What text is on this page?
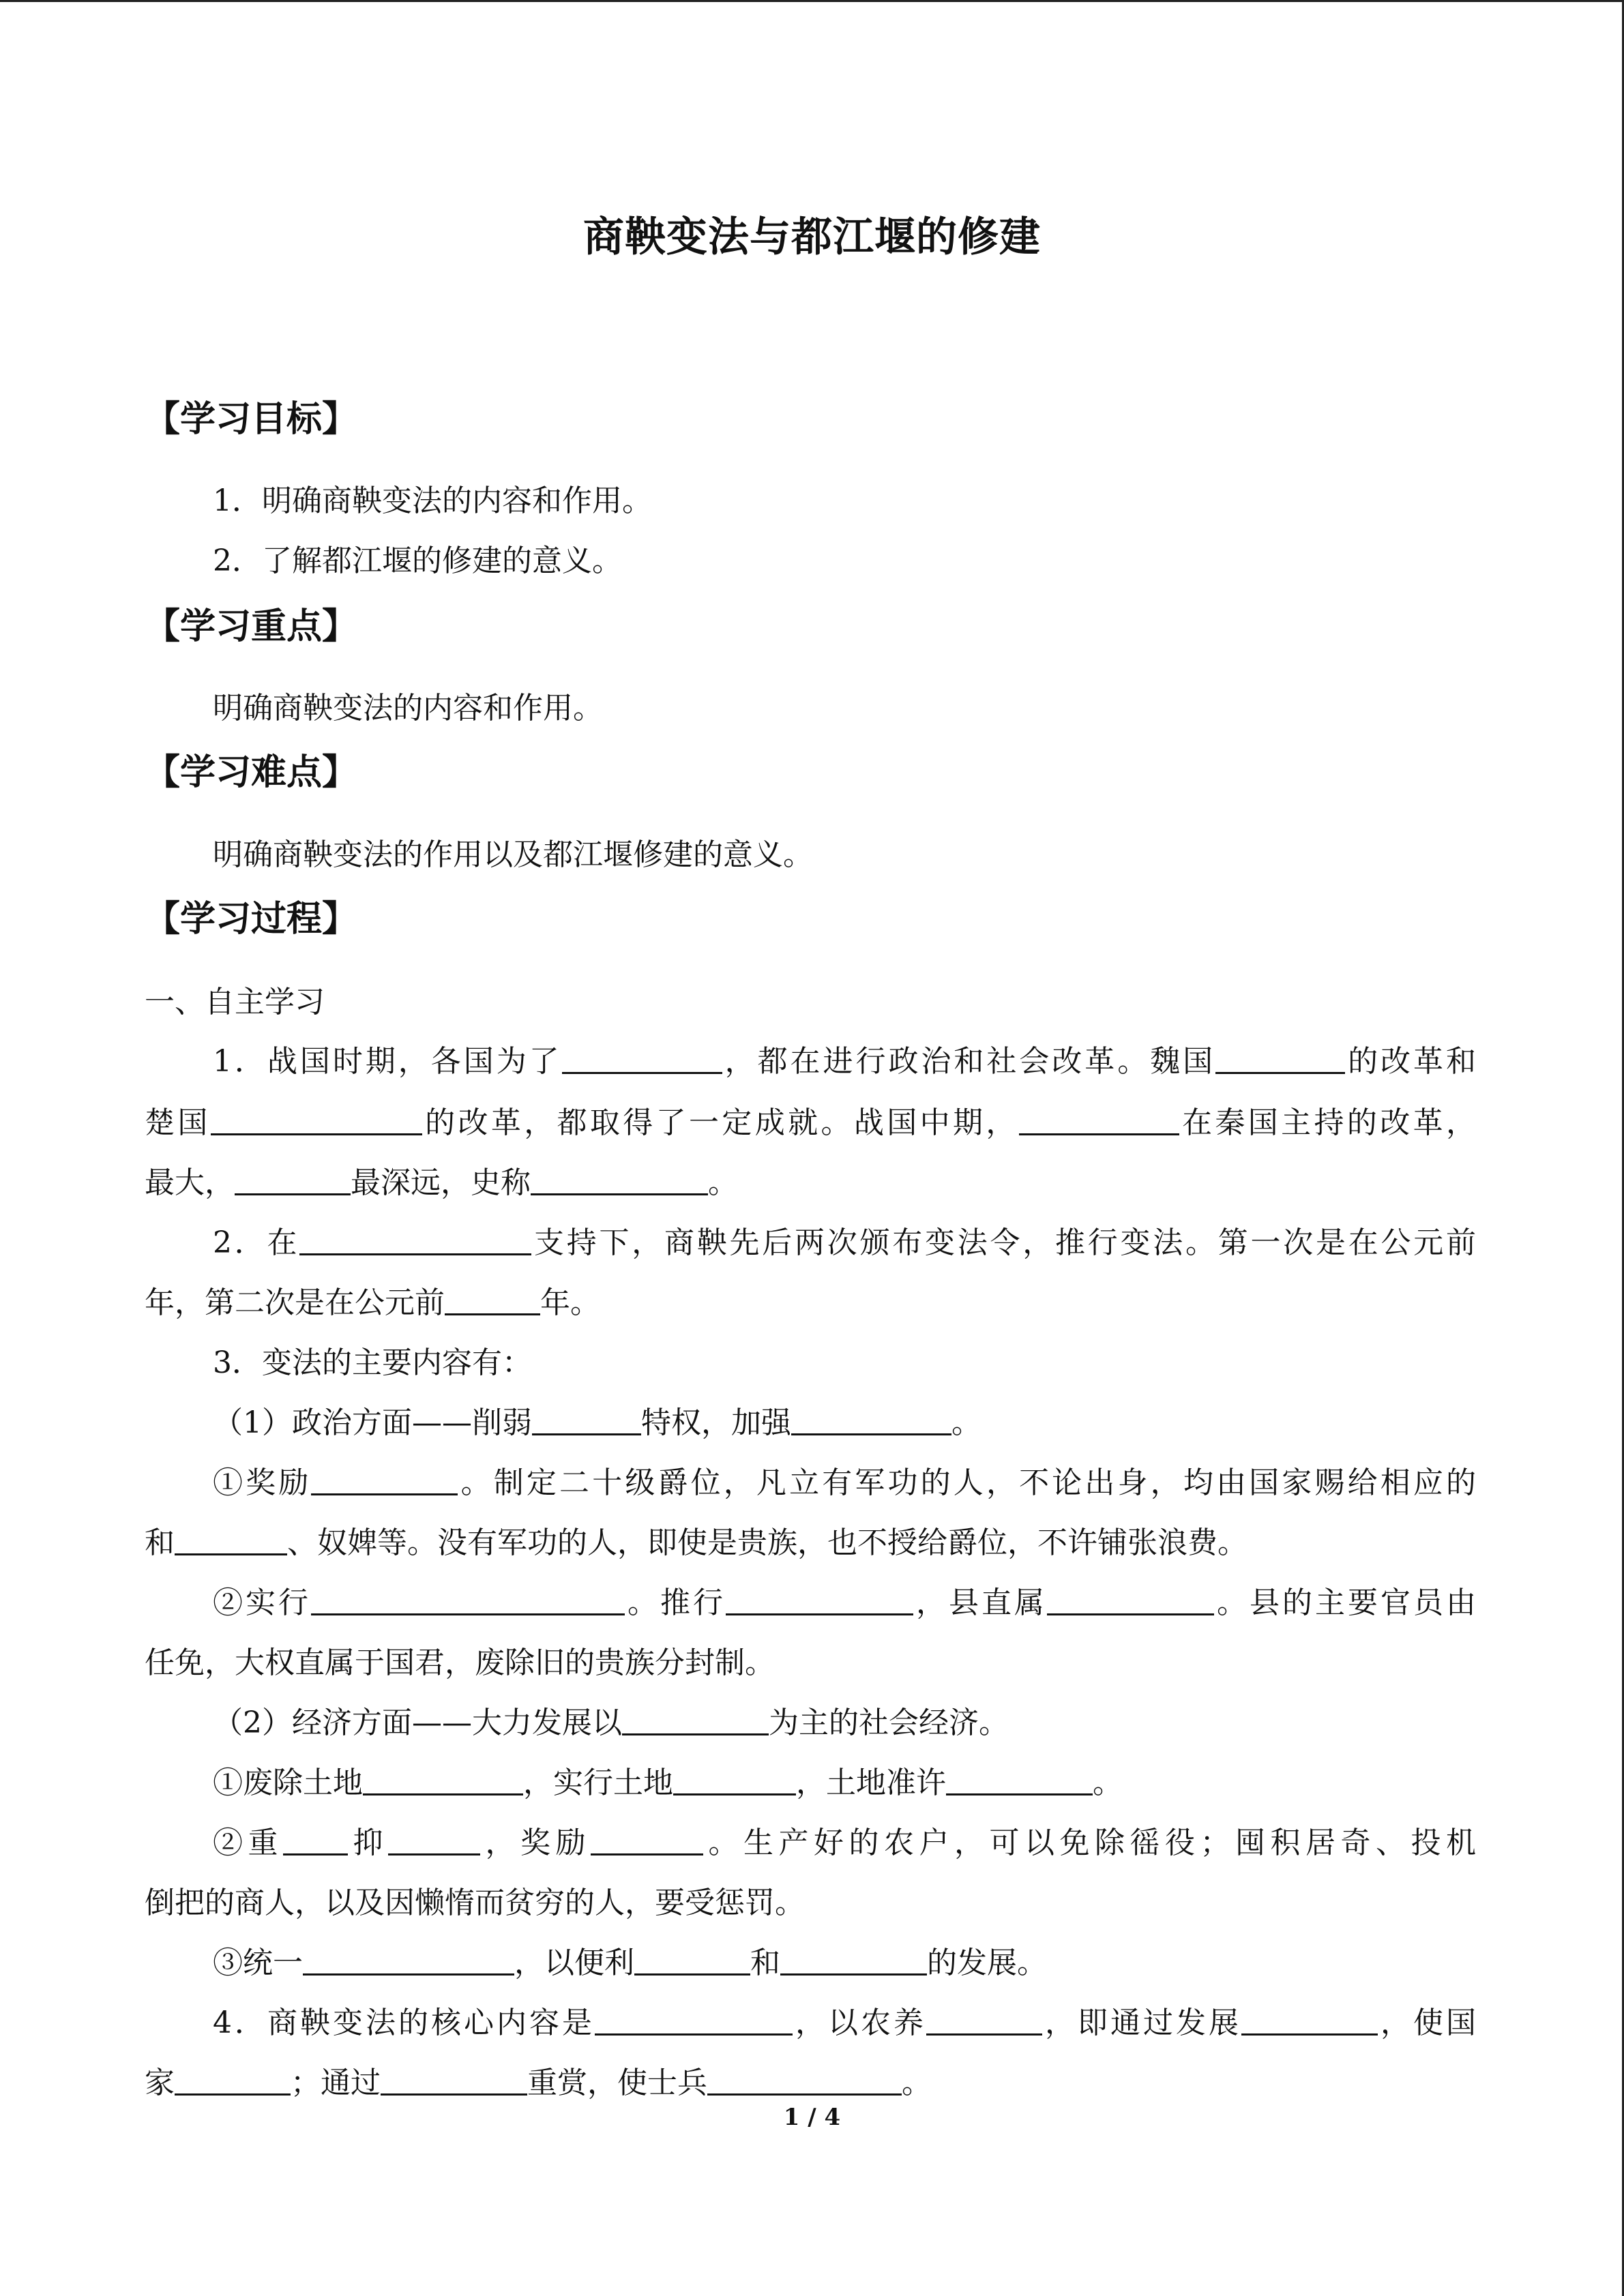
商鞅变法与都江堰的修建
【学习目标】
1．明确商鞅变法的内容和作用。
2．了解都江堰的修建的意义。
【学习重点】
明确商鞅变法的内容和作用。
【学习难点】
明确商鞅变法的作用以及都江堰修建的意义。
【学习过程】
一、自主学习
1．战国时期，各国为了	，都在进行政治和社会改革。魏国	的改革和
楚国	的改革，都取得了一定成就。战国中期，	在秦国主持的改革，
最大，	最深远，史称	。
2．在	支持下，商鞅先后两次颁布变法令，推行变法。第一次是在公元前
年，第二次是在公元前	年。
3．变法的主要内容有：
（1）政治方面——削弱	特权，加强	。
①奖励	。制定二十级爵位，凡立有军功的人，不论出身，均由国家赐给相应的
和	、奴婢等。没有军功的人，即使是贵族，也不授给爵位，不许铺张浪费。
②实行	。推行	，县直属	。县的主要官员由
任免，大权直属于国君，废除旧的贵族分封制。
（2）经济方面——大力发展以	为主的社会经济。
①废除土地	，实行土地	，土地准许	。
②重 抑	，奖励	。生产好的农户，可以免除徭役；囤积居奇、投机
倒把的商人，以及因懒惰而贫穷的人，要受惩罚。
③统一	，以便利	和	的发展。
4．商鞅变法的核心内容是	，以农养	，即通过发展	，使国
家	；通过	重赏，使士兵	。
1 / 4
